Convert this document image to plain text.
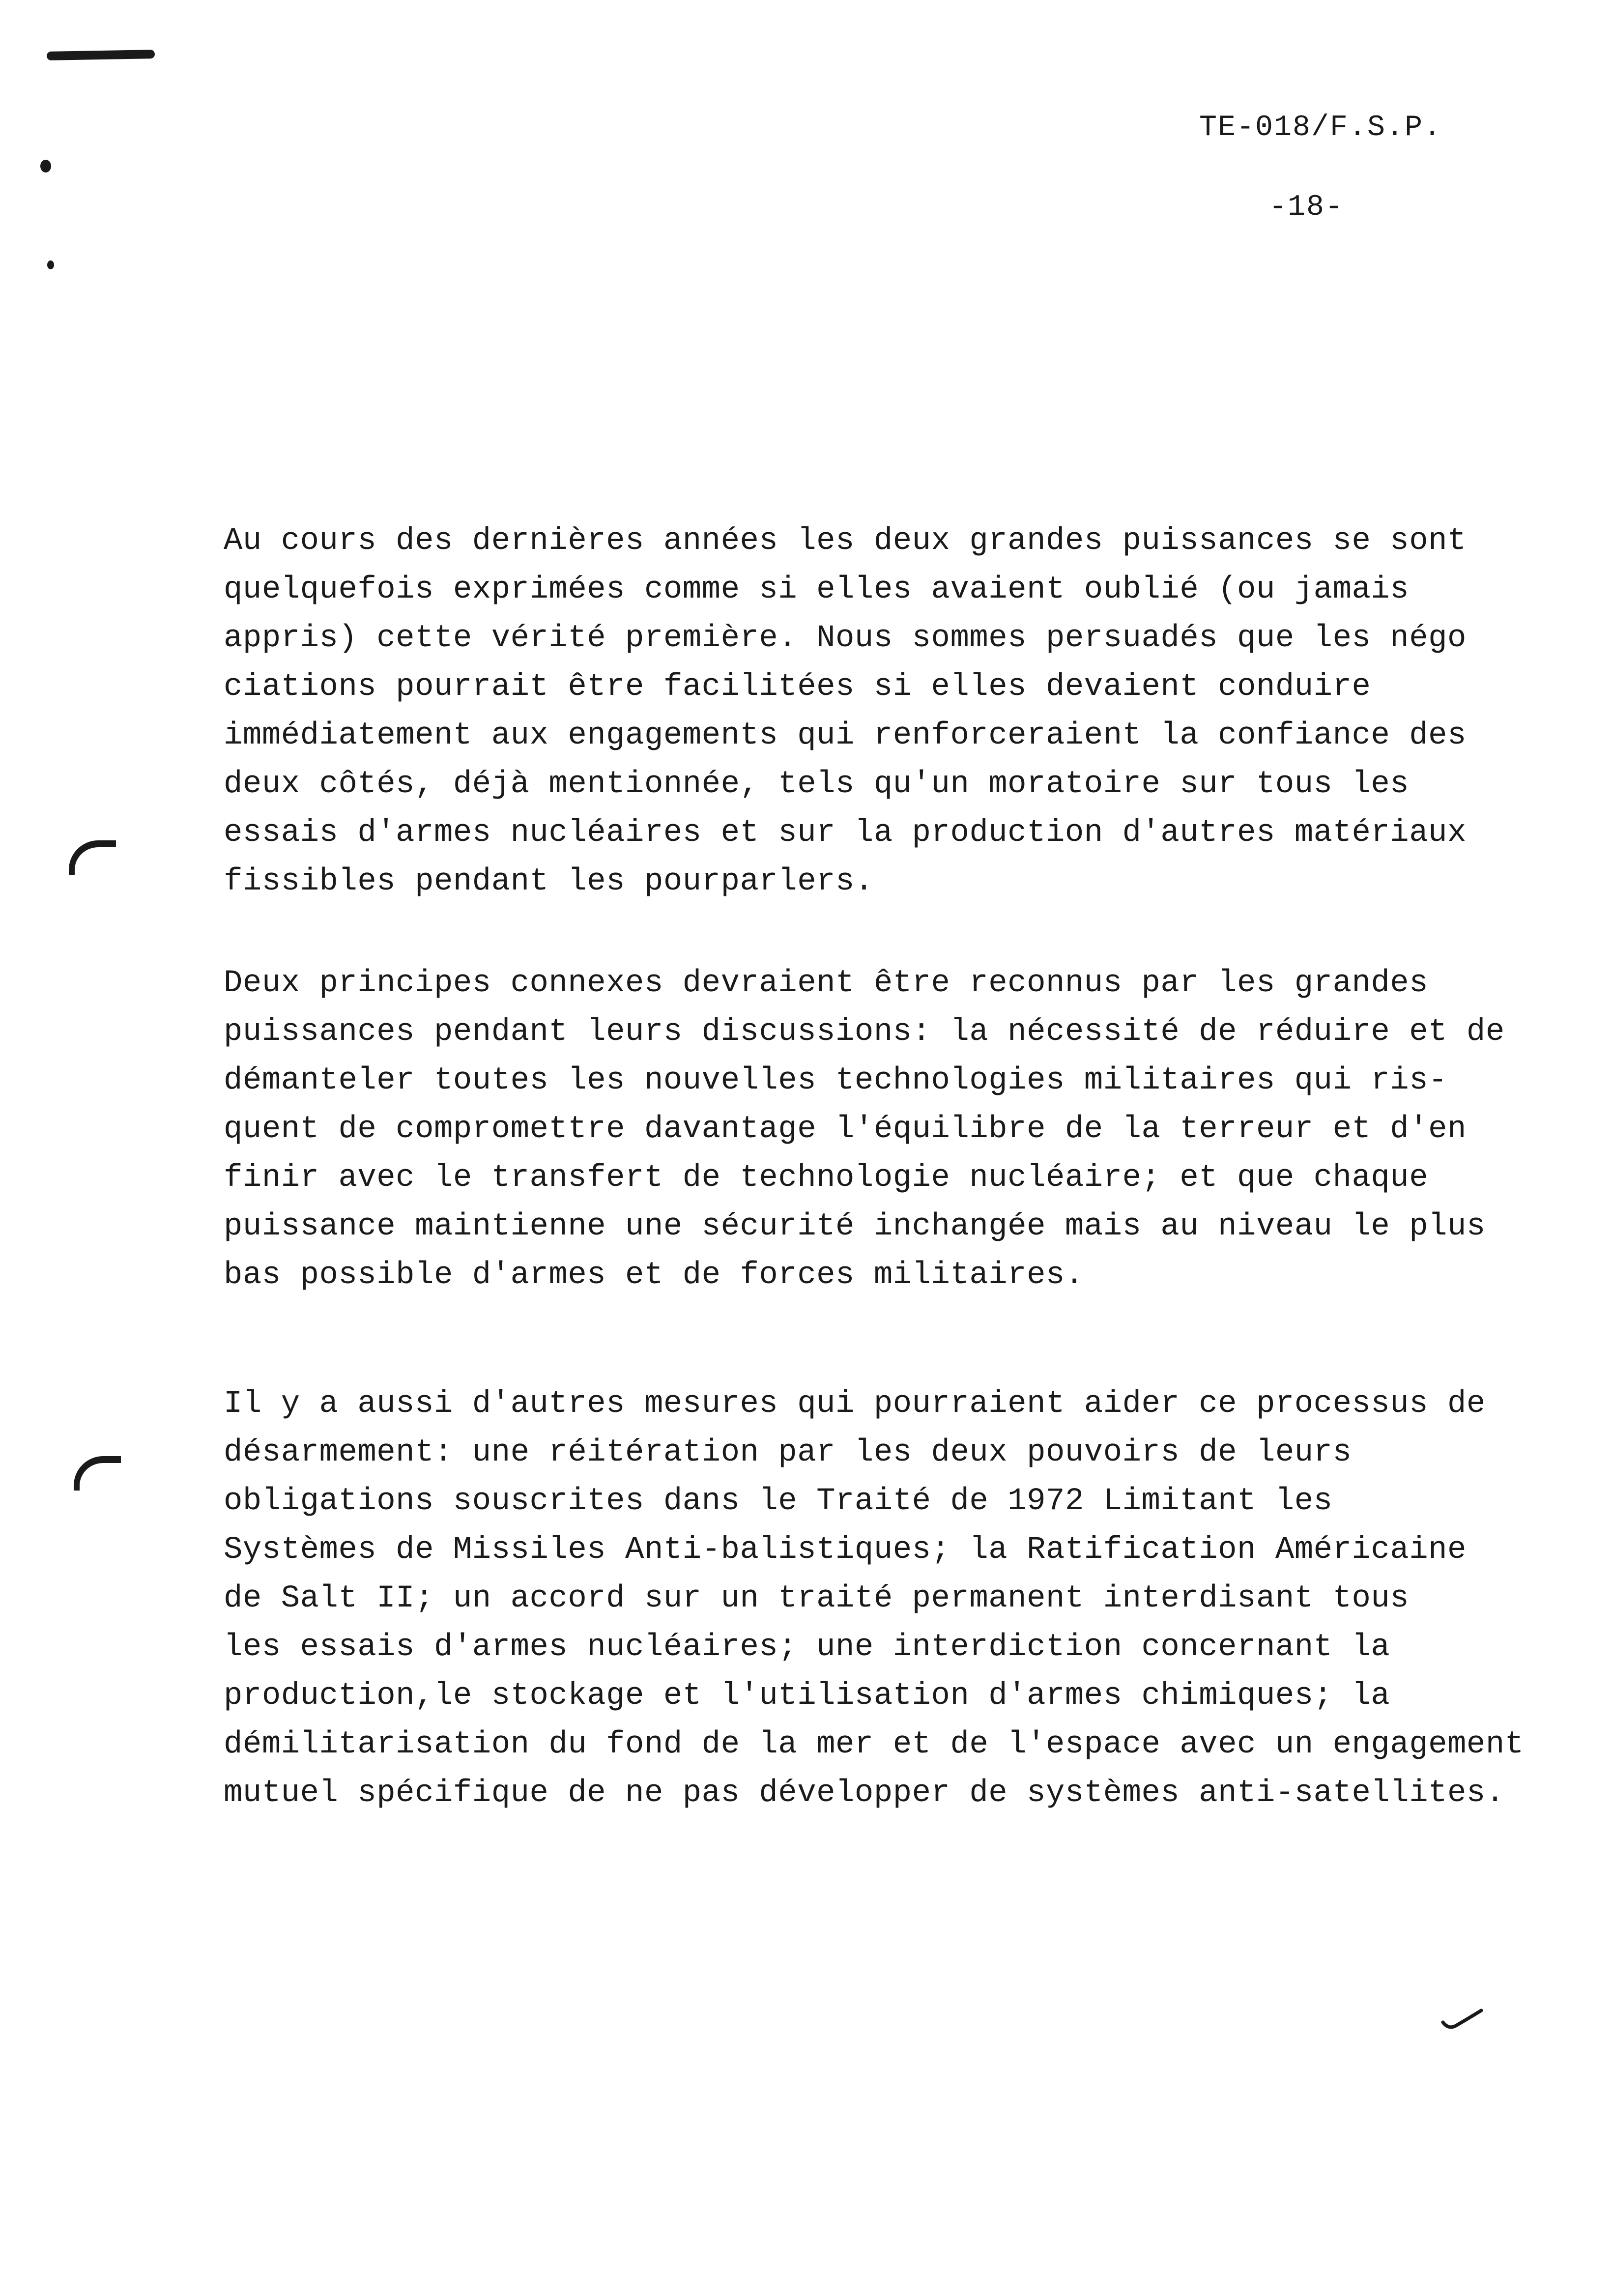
TE-018/F.S.P.
-18-
Au cours des dernières années les deux grandes puissances se sont
quelquefois exprimées comme si elles avaient oublié (ou jamais
appris) cette vérité première. Nous sommes persuadés que les négo
ciations pourrait être facilitées si elles devaient conduire
immédiatement aux engagements qui renforceraient la confiance des
deux côtés, déjà mentionnée, tels qu'un moratoire sur tous les
essais d'armes nucléaires et sur la production d'autres matériaux
fissibles pendant les pourparlers.
Deux principes connexes devraient être reconnus par les grandes
puissances pendant leurs discussions: la nécessité de réduire et de
démanteler toutes les nouvelles technologies militaires qui ris-
quent de compromettre davantage l'équilibre de la terreur et d'en
finir avec le transfert de technologie nucléaire; et que chaque
puissance maintienne une sécurité inchangée mais au niveau le plus
bas possible d'armes et de forces militaires.
Il y a aussi d'autres mesures qui pourraient aider ce processus de
désarmement: une réitération par les deux pouvoirs de leurs
obligations souscrites dans le Traité de 1972 Limitant les
Systèmes de Missiles Anti-balistiques; la Ratification Américaine
de Salt II; un accord sur un traité permanent interdisant tous
les essais d'armes nucléaires; une interdiction concernant la
production,le stockage et l'utilisation d'armes chimiques; la
démilitarisation du fond de la mer et de l'espace avec un engagement
mutuel spécifique de ne pas développer de systèmes anti-satellites.
